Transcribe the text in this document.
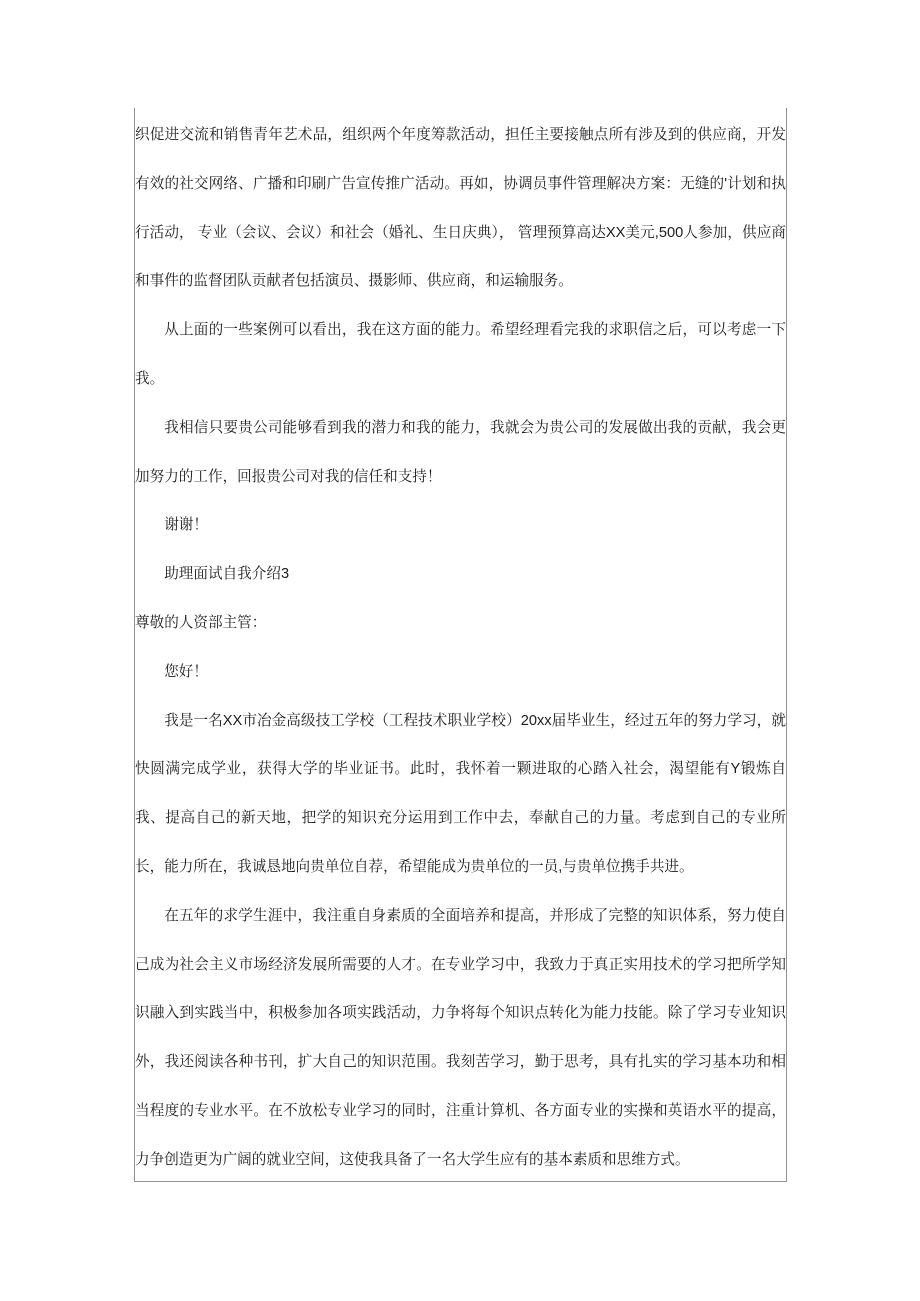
织促进交流和销售青年艺术品，组织两个年度筹款活动，担任主要接触点所有涉及到的供应商，开发有效的社交网络、广播和印刷广告宣传推广活动。再如，协调员事件管理解决方案：无缝的'计划和执行活动， 专业（会议、会议）和社会（婚礼、生日庆典）， 管理预算高达XX美元,500人参加，供应商和事件的监督团队贡献者包括演员、摄影师、供应商，和运输服务。

从上面的一些案例可以看出，我在这方面的能力。希望经理看完我的求职信之后，可以考虑一下我。

我相信只要贵公司能够看到我的潜力和我的能力，我就会为贵公司的发展做出我的贡献，我会更加努力的工作，回报贵公司对我的信任和支持！

谢谢！

助理面试自我介绍3

尊敬的人资部主管：

您好！

我是一名XX市冶金高级技工学校（工程技术职业学校）20xx届毕业生，经过五年的努力学习，就快圆满完成学业，获得大学的毕业证书。此时，我怀着一颗进取的心踏入社会，渴望能有Y锻炼自我、提高自己的新天地，把学的知识充分运用到工作中去，奉献自己的力量。考虑到自己的专业所长，能力所在，我诚恳地向贵单位自荐，希望能成为贵单位的一员,与贵单位携手共进。

在五年的求学生涯中，我注重自身素质的全面培养和提高，并形成了完整的知识体系，努力使自己成为社会主义市场经济发展所需要的人才。在专业学习中，我致力于真正实用技术的学习把所学知识融入到实践当中，积极参加各项实践活动，力争将每个知识点转化为能力技能。除了学习专业知识外，我还阅读各种书刊，扩大自己的知识范围。我刻苦学习，勤于思考，具有扎实的学习基本功和相当程度的专业水平。在不放松专业学习的同时，注重计算机、各方面专业的实操和英语水平的提高，力争创造更为广阔的就业空间，这使我具备了一名大学生应有的基本素质和思维方式。
